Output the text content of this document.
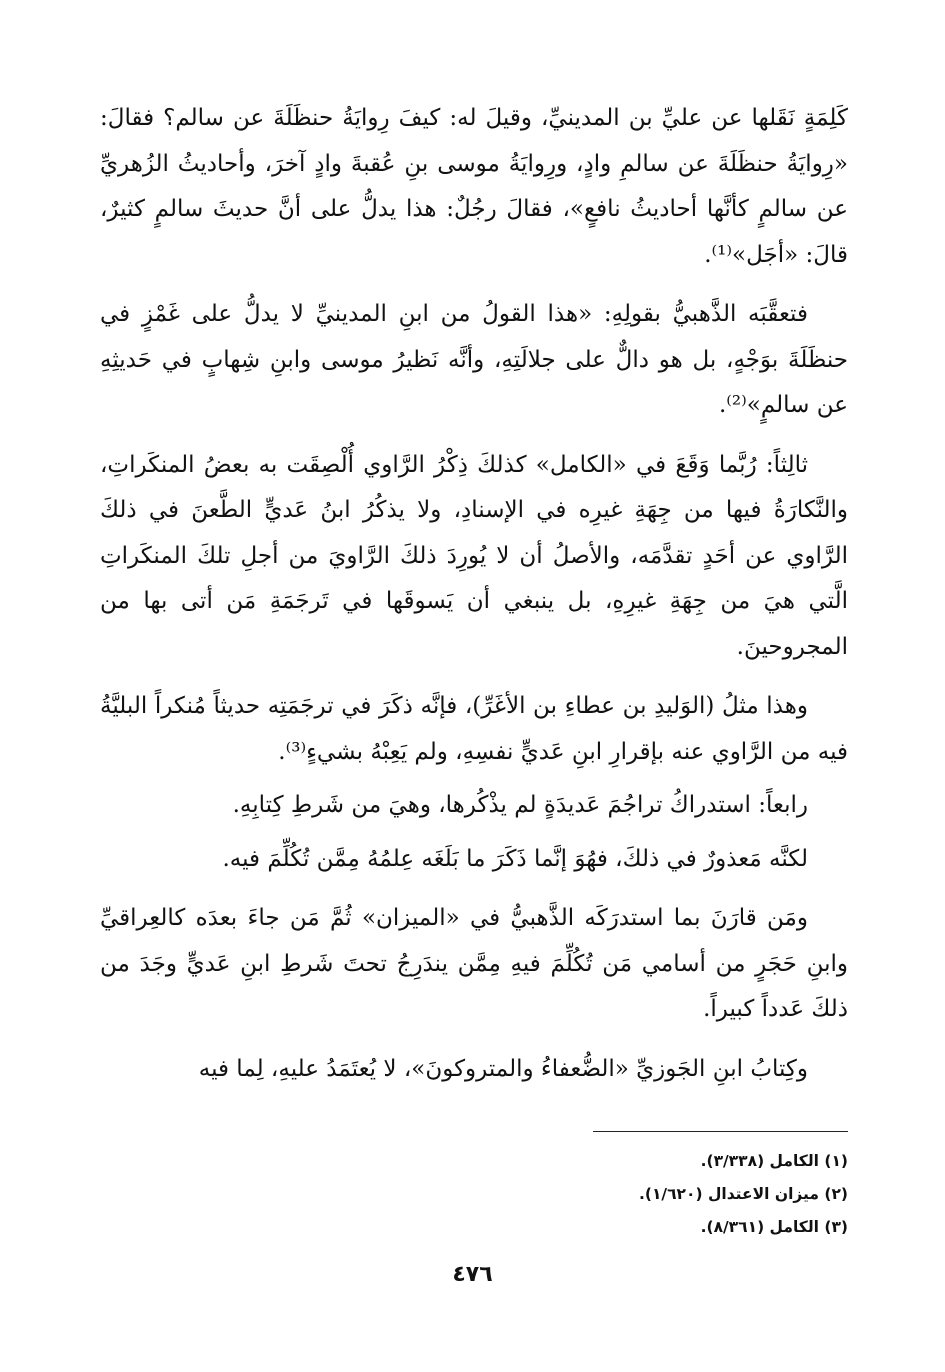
كَلِمَةٍ نَقَلها عن عليِّ بن المدينيِّ، وقيلَ له: كيفَ رِوايَةُ حنظَلَةَ عن سالم؟ فقالَ: «رِوايَةُ حنظَلَةَ عن سالمِ وادٍ، ورِوايَةُ موسى بنِ عُقبةَ وادٍ آخرَ، وأحاديثُ الزُهريِّ عن سالمٍ كأنَّها أحاديثُ نافعٍ»، فقالَ رجُلٌ: هذا يدلُّ على أنَّ حديثَ سالمٍ كثيرٌ، قالَ: «أجَل»⁽¹⁾.

فتعقَّبَه الذَّهبيُّ بقولِهِ: «هذا القولُ من ابنِ المدينيِّ لا يدلُّ على غَمْزٍ في حنظَلَةَ بوَجْهٍ، بل هو دالٌّ على جلالَتِهِ، وأنَّه نَظيرُ موسى وابنِ شِهابٍ في حَديثِهِ عن سالمٍ»⁽²⁾.

ثالِثاً: رُبَّما وَقَعَ في «الكامل» كذلكَ ذِكْرُ الرَّاوي أُلْصِقَت به بعضُ المنكَراتِ، والنَّكارَةُ فيها من جِهَةِ غيرِه في الإسنادِ، ولا يذكُرُ ابنُ عَديٍّ الطَّعنَ في ذلكَ الرَّاوي عن أحَدٍ تقدَّمَه، والأصلُ أن لا يُورِدَ ذلكَ الرَّاويَ من أجلِ تلكَ المنكَراتِ الَّتي هيَ من جِهَةِ غيرِهِ، بل ينبغي أن يَسوقَها في تَرجَمَةِ مَن أتى بها من المجروحينَ.

وهذا مثلُ (الوَليدِ بن عطاءِ بن الأغَرِّ)، فإنَّه ذكَرَ في ترجَمَتِه حديثاً مُنكراً البليَّةُ فيه من الرَّاوي عنه بإقرارِ ابنِ عَديٍّ نفسِهِ، ولم يَعِبْهُ بشيءٍ⁽³⁾.

رابعاً: استدراكُ تراجُمَ عَديدَةٍ لم يذْكُرها، وهيَ من شَرطِ كِتابِهِ.

لكنَّه مَعذورٌ في ذلكَ، فهُوَ إنَّما ذَكَرَ ما بَلَغَه عِلمُهُ مِمَّن تُكُلِّمَ فيه.

ومَن قارَنَ بما استدرَكَه الذَّهبيُّ في «الميزان» ثُمَّ مَن جاءَ بعدَه كالعِراقيِّ وابنِ حَجَرٍ من أسامي مَن تُكُلِّمَ فيهِ مِمَّن يندَرِجُ تحتَ شَرطِ ابنِ عَديٍّ وجَدَ من ذلكَ عَدداً كبيراً.

وكِتابُ ابنِ الجَوزيِّ «الضُّعفاءُ والمتروكونَ»، لا يُعتَمَدُ عليهِ، لِما فيه

(١) الكامل (٣/٣٣٨).
(٢) ميزان الاعتدال (١/٦٢٠).
(٣) الكامل (٨/٣٦١).
٤٧٦
